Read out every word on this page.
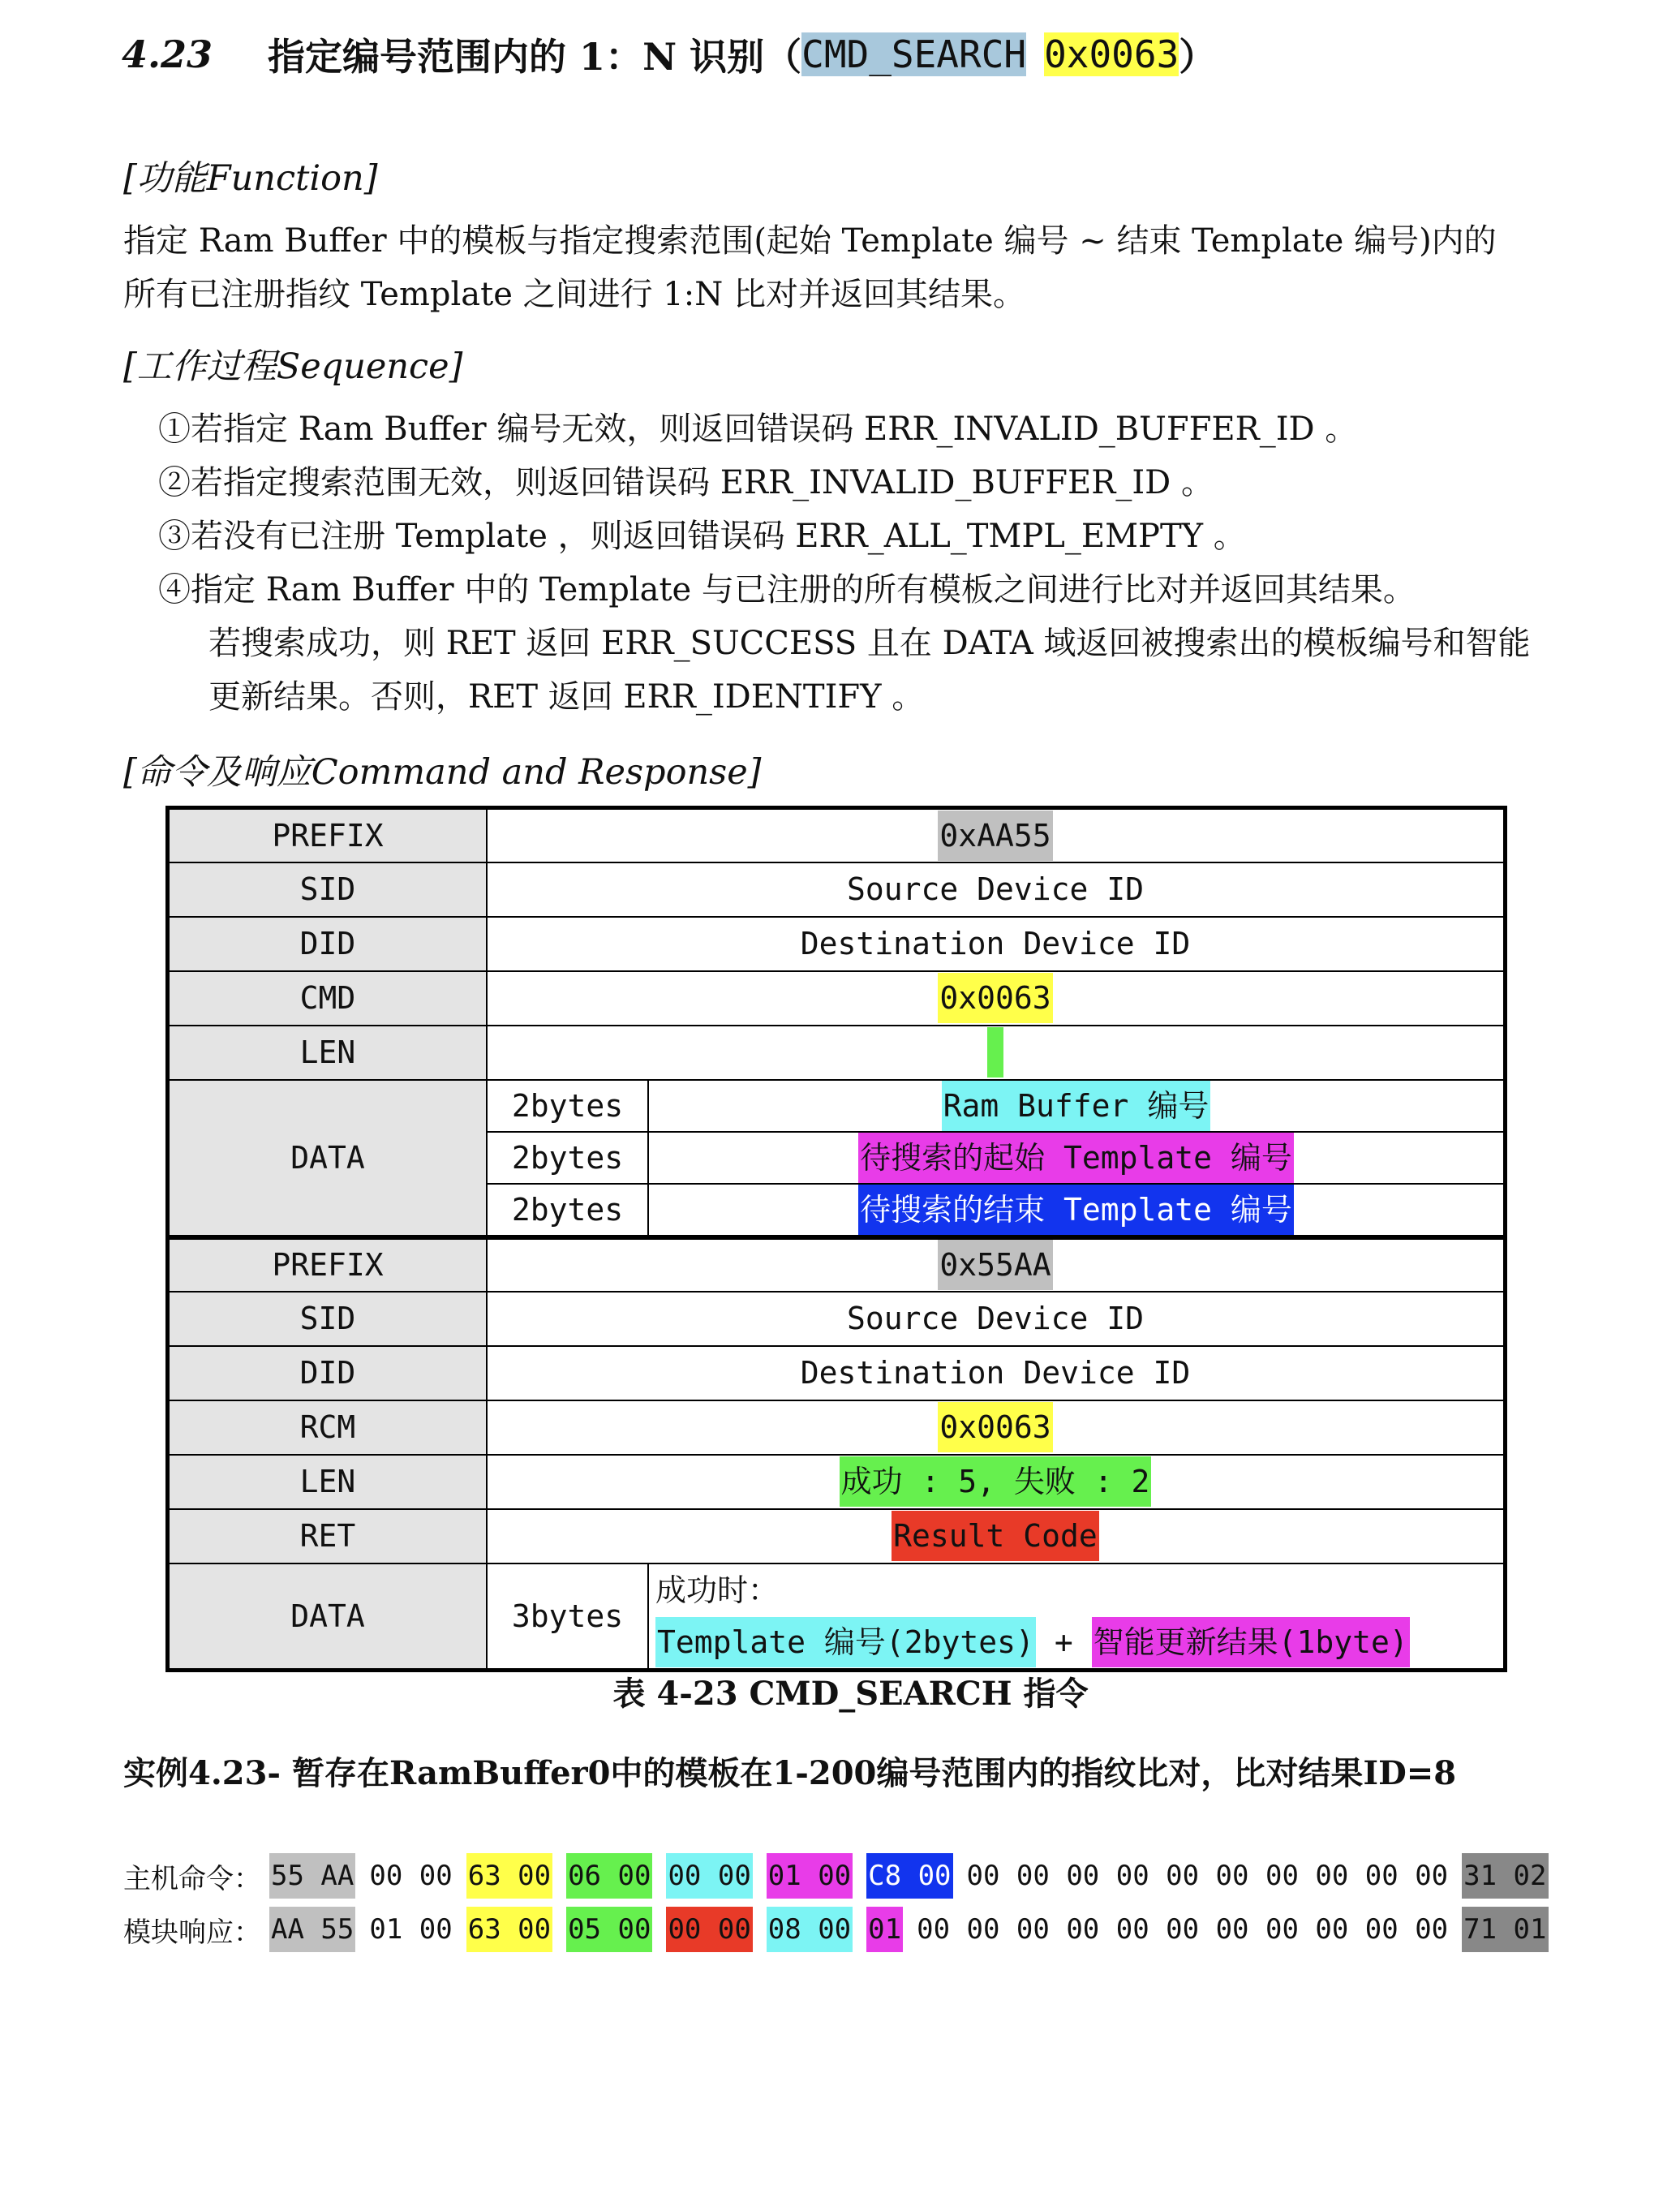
4.23 指定编号范围内的 1：N 识别（ CMD_SEARCH 0x0063 ）
[功能Function]
指定 Ram Buffer 中的模板与指定搜索范围(起始 Template 编号 ~ 结束 Template 编号)内的
所有已注册指纹 Template 之间进行 1:N 比对并返回其结果。
[工作过程Sequence]
①若指定 Ram Buffer 编号无效，则返回错误码 ERR_INVALID_BUFFER_ID 。
②若指定搜索范围无效，则返回错误码 ERR_INVALID_BUFFER_ID 。
③若没有已注册 Template ，则返回错误码 ERR_ALL_TMPL_EMPTY 。
④指定 Ram Buffer 中的 Template 与已注册的所有模板之间进行比对并返回其结果。
若搜索成功，则 RET 返回 ERR_SUCCESS 且在 DATA 域返回被搜索出的模板编号和智能
更新结果。否则，RET 返回 ERR_IDENTIFY 。
[命令及响应Command and Response]
PREFIX	0xAA55	
SID	Source Device ID	
DID	Destination Device ID	
CMD	0x0063	
LEN		
DATA	2bytes	Ram Buffer 编号
	2bytes	待搜索的起始 Template 编号
	2bytes	待搜索的结束 Template 编号
PREFIX	0x55AA	
SID	Source Device ID	
DID	Destination Device ID	
RCM	0x0063	
LEN	成功 : 5, 失败 : 2	
RET	Result Code	
DATA	3bytes	成功时：
Template 编号(2bytes) + 智能更新结果(1byte)
表 4-23 CMD_SEARCH 指令
实例4.23- 暂存在RamBuffer0中的模板在1-200编号范围内的指纹比对，比对结果ID=8
主机命令： 55 AA 00 00 63 00 06 00 00 00 01 00 C8 00 00 00 00 00 00 00 00 00 00 00 31 02
模块响应： AA 55 01 00 63 00 05 00 00 00 08 00 01 00 00 00 00 00 00 00 00 00 00 00 71 01
